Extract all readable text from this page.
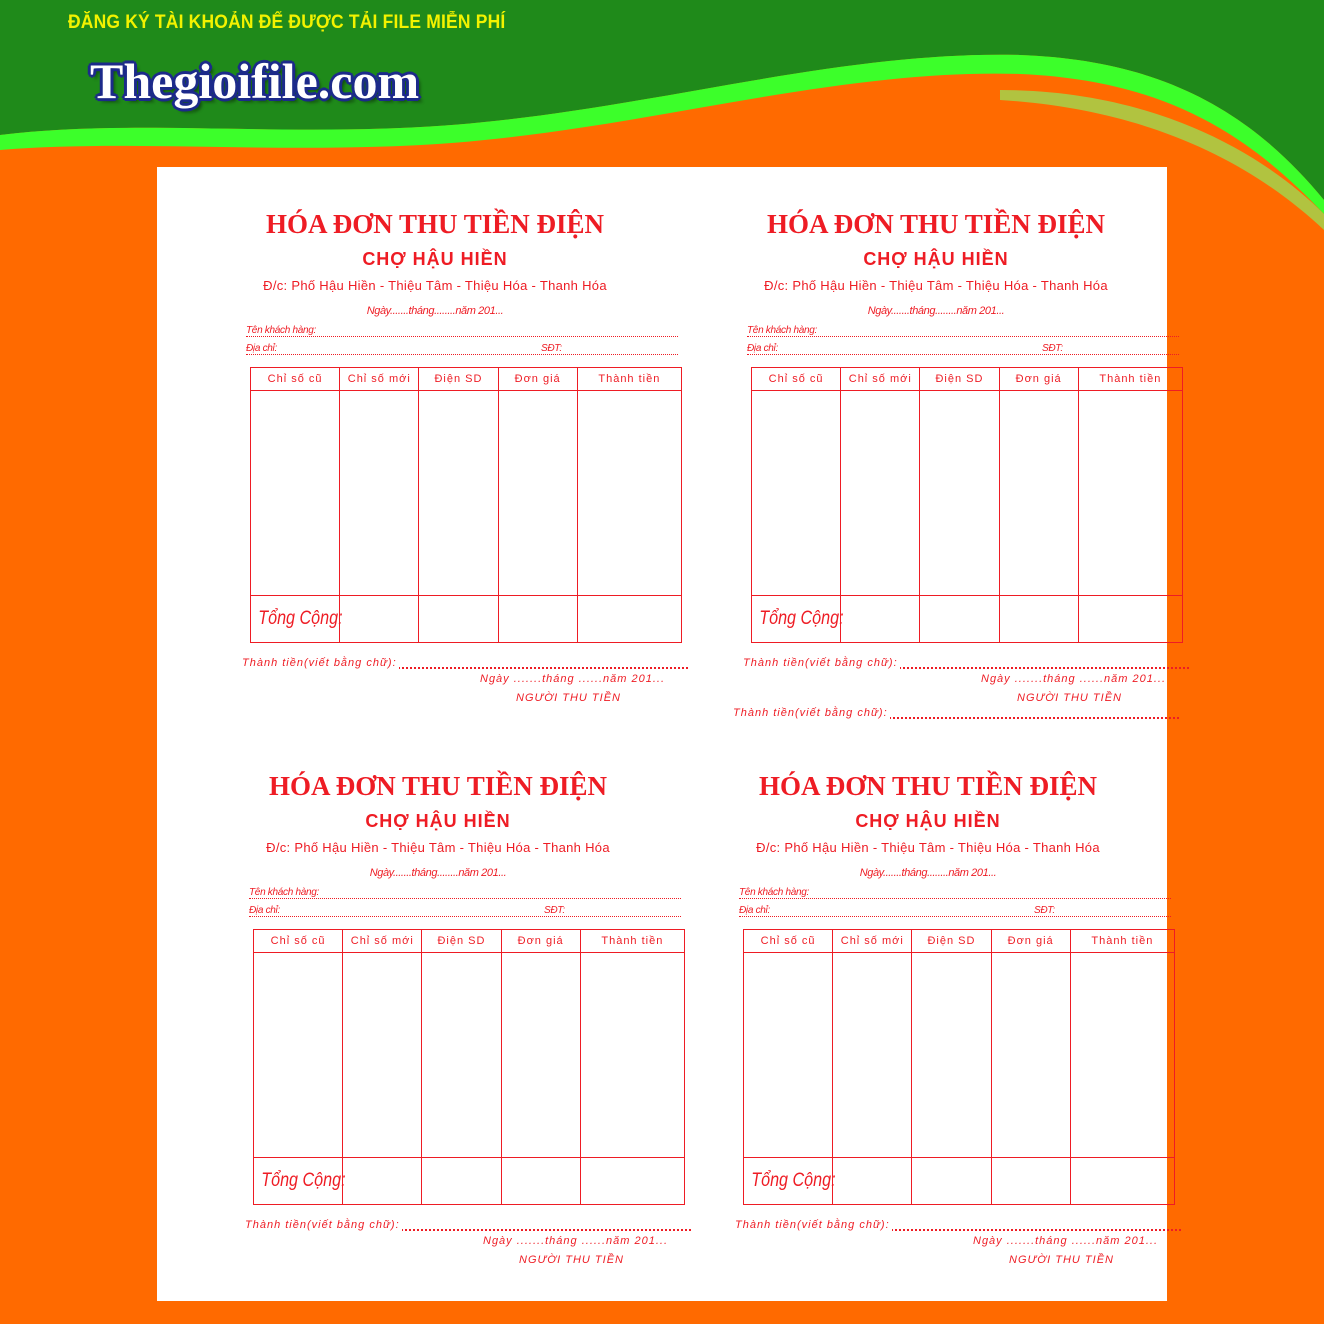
ĐĂNG KÝ TÀI KHOẢN ĐỂ ĐƯỢC TẢI FILE MIỄN PHÍ

Thegioifile.com
HÓA ĐƠN THU TIỀN ĐIỆN
CHỢ HẬU HIỀN
Đ/c: Phố Hậu Hiền - Thiệu Tâm - Thiệu Hóa - Thanh Hóa
Ngày.......tháng........năm 201...
Tên khách hàng:
Địa chỉ:	SĐT:
Chỉ số cũ	Chỉ số mới	Điện SD	Đơn giá	Thành tiền

Tổng Cộng:				
Thành tiền(viết bằng chữ):
Ngày .......tháng ......năm 201...
NGƯỜI THU TIỀN
HÓA ĐƠN THU TIỀN ĐIỆN
CHỢ HẬU HIỀN
Đ/c: Phố Hậu Hiền - Thiệu Tâm - Thiệu Hóa - Thanh Hóa
Ngày.......tháng........năm 201...
Tên khách hàng:
Địa chỉ:	SĐT:
Chỉ số cũ	Chỉ số mới	Điện SD	Đơn giá	Thành tiền

Tổng Cộng:				
Thành tiền(viết bằng chữ):
Ngày .......tháng ......năm 201...
NGƯỜI THU TIỀN
Thành tiền(viết bằng chữ):
HÓA ĐƠN THU TIỀN ĐIỆN
CHỢ HẬU HIỀN
Đ/c: Phố Hậu Hiền - Thiệu Tâm - Thiệu Hóa - Thanh Hóa
Ngày.......tháng........năm 201...
Tên khách hàng:
Địa chỉ:	SĐT:
Chỉ số cũ	Chỉ số mới	Điện SD	Đơn giá	Thành tiền

Tổng Cộng:				
Thành tiền(viết bằng chữ):
Ngày .......tháng ......năm 201...
NGƯỜI THU TIỀN
HÓA ĐƠN THU TIỀN ĐIỆN
CHỢ HẬU HIỀN
Đ/c: Phố Hậu Hiền - Thiệu Tâm - Thiệu Hóa - Thanh Hóa
Ngày.......tháng........năm 201...
Tên khách hàng:
Địa chỉ:	SĐT:
Chỉ số cũ	Chỉ số mới	Điện SD	Đơn giá	Thành tiền

Tổng Cộng:				
Thành tiền(viết bằng chữ):
Ngày .......tháng ......năm 201...
NGƯỜI THU TIỀN
